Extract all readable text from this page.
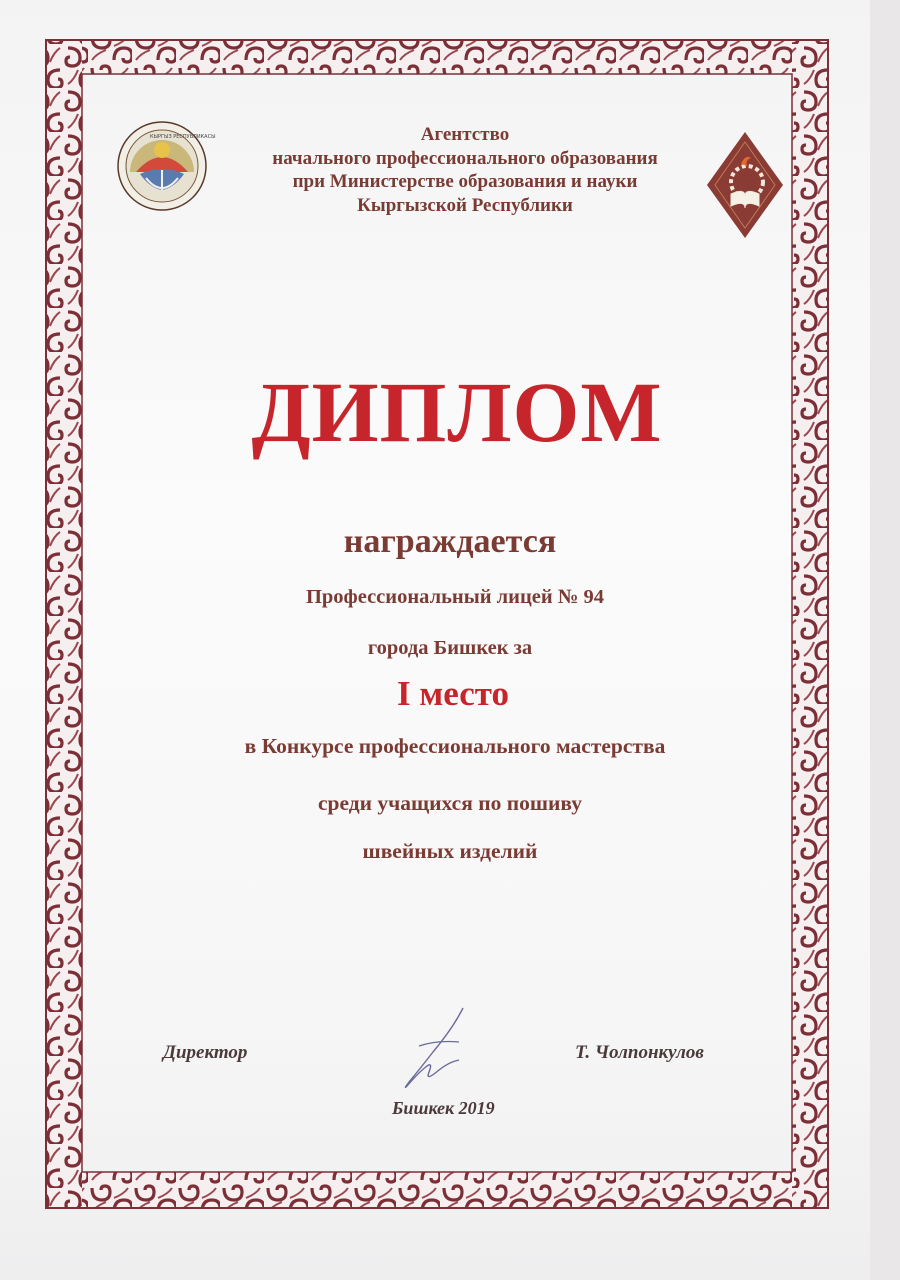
КЫРГЫЗ РЕСПУБЛИКАСЫ	Агентство
начального профессионального образования
при Министерстве образования и науки
Кыргызской Республики
ДИПЛОМ
награждается
Профессиональный лицей № 94
города Бишкек за
I место
в Конкурсе профессионального мастерства
среди учащихся по пошиву
швейных изделий
Директор	Т. Чолпонкулов
Бишкек 2019
